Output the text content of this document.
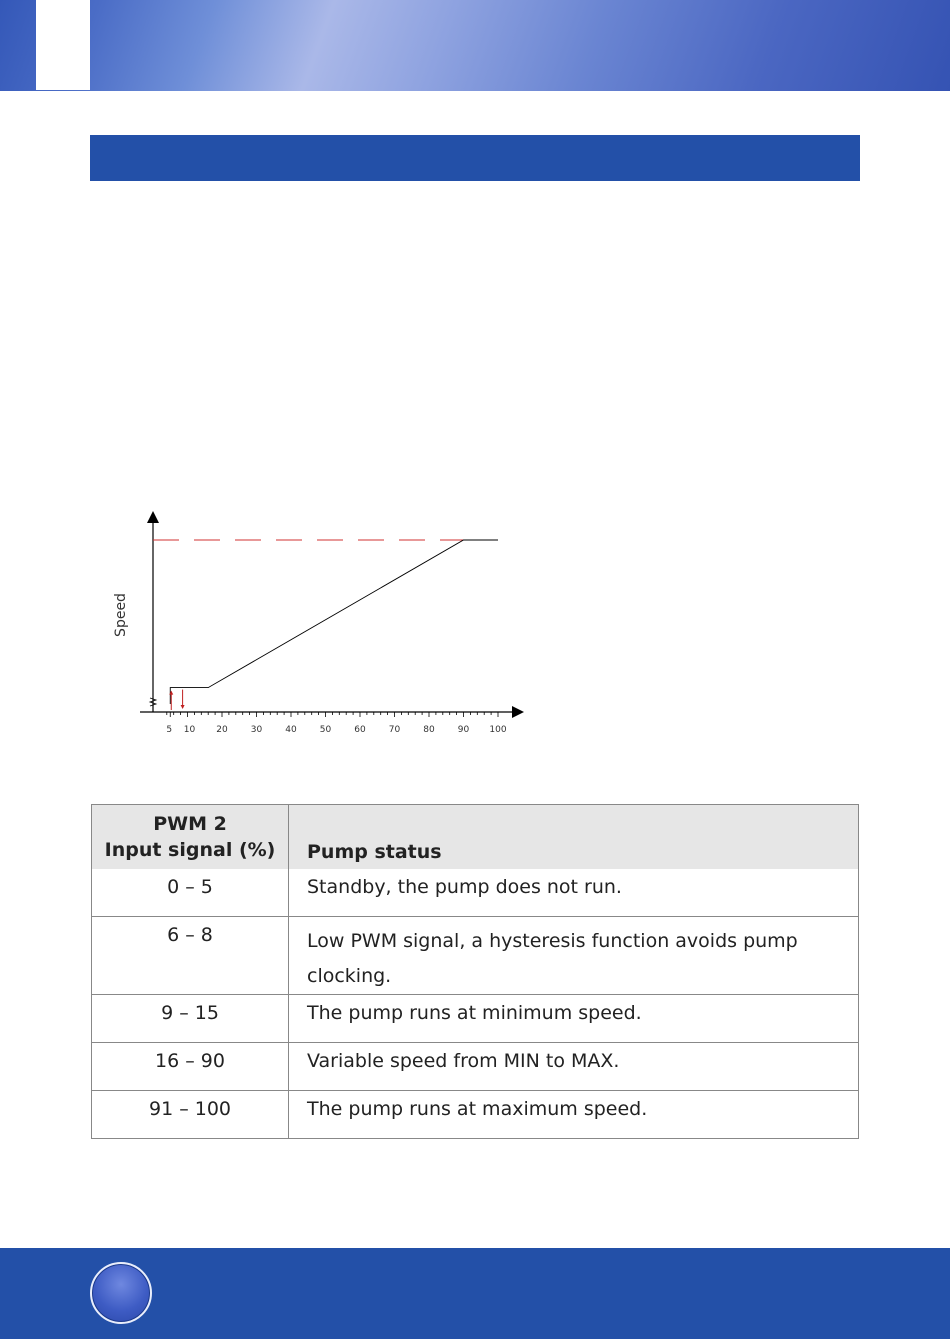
5 10 20	30	40	50	60	70	80	90 100
Speed
PWM 2
Input signal (%)	Pump status
0 – 5	Standby, the pump does not run.
6 – 8	Low PWM signal, a hysteresis function avoids pump clocking.
9 – 15	The pump runs at minimum speed.
16 – 90	Variable speed from MIN to MAX.
91 – 100	The pump runs at maximum speed.
